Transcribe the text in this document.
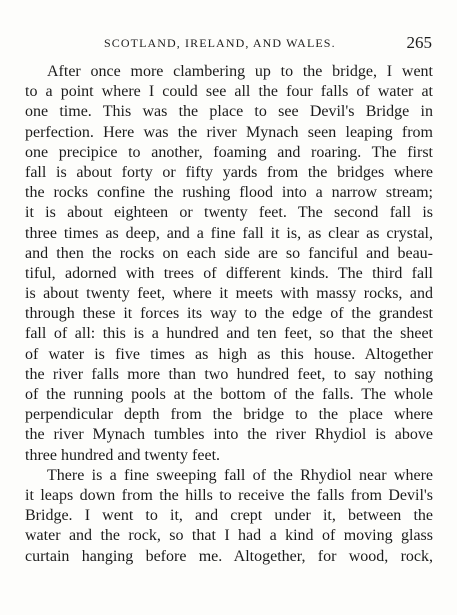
SCOTLAND, IRELAND, AND WALES.	265
After once more clambering up to the bridge, I went
to a point where I could see all the four falls of water at
one time. This was the place to see Devil's Bridge in
perfection. Here was the river Mynach seen leaping from
one precipice to another, foaming and roaring. The first
fall is about forty or fifty yards from the bridges where
the rocks confine the rushing flood into a narrow stream;
it is about eighteen or twenty feet. The second fall is
three times as deep, and a fine fall it is, as clear as crystal,
and then the rocks on each side are so fanciful and beau-
tiful, adorned with trees of different kinds. The third fall
is about twenty feet, where it meets with massy rocks, and
through these it forces its way to the edge of the grandest
fall of all: this is a hundred and ten feet, so that the sheet
of water is five times as high as this house. Altogether
the river falls more than two hundred feet, to say nothing
of the running pools at the bottom of the falls. The whole
perpendicular depth from the bridge to the place where
the river Mynach tumbles into the river Rhydiol is above
three hundred and twenty feet.
There is a fine sweeping fall of the Rhydiol near where
it leaps down from the hills to receive the falls from Devil's
Bridge. I went to it, and crept under it, between the
water and the rock, so that I had a kind of moving glass
curtain hanging before me. Altogether, for wood, rock,
